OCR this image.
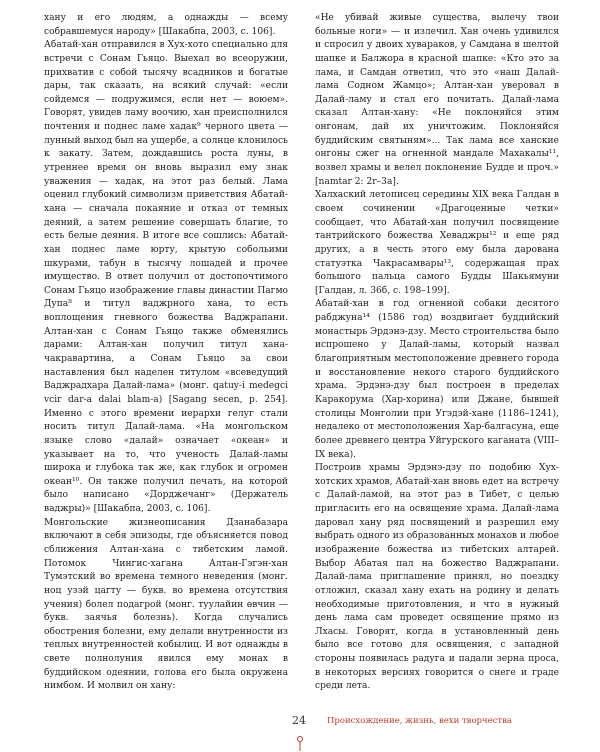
хану и его людям, а однажды — всему собравшемуся народу» [Шакабпа, 2003, с. 106].

Абатай-хан отправился в Хух-хото специально для встречи с Сонам Гьяцо. Выехал во всеоружии, прихватив с собой тысячу всадников и богатые дары, так сказать, на всякий случай: «если сойдемся — подружимся, если нет — воюем». Говорят, увидев ламу воочию, хан преисполнился почтения и поднес ламе хадак⁹ черного цвета — лунный выход был на ущербе, а солнце клонилось к закату. Затем, дождавшись роста луны, в утреннее время он вновь выразил ему знак уважения — хадак, на этот раз белый. Лама оценил глубокий символизм приветствия Абатай-хана — сначала покаяние и отказ от темных деяний, а затем решение совершать благие, то есть белые деяния. В итоге все сошлись: Абатай-хан поднес ламе юрту, крытую собольими шкурами, табун в тысячу лошадей и прочее имущество. В ответ получил от достопочтимого Сонам Гьяцо изображение главы династии Пагмо Дупа⁸ и титул ваджрного хана, то есть воплощения гневного божества Ваджрапани. Алтан-хан с Сонам Гьяцо также обменялись дарами: Алтан-хан получил титул хана-чакравартина, а Сонам Гьяцо за свои наставления был наделен титулом «всеведущий Ваджрадхара Далай-лама» (монг. qatuy-i medegci vcir dar-a dalai blam-a) [Sagang secen, p. 254]. Именно с этого времени иерархи гелуг стали носить титул Далай-лама. «На монгольском языке слово «далай» означает «океан» и указывает на то, что ученость Далай-ламы широка и глубока так же, как глубок и огромен океан¹⁰. Он также получил печать, на которой было написано «Дорджечанг» (Держатель ваджры)» [Шакабпа, 2003, с. 106].

Монгольские жизнеописания Дзанабазара включают в себя эпизоды, где объясняется повод сближения Алтан-хана с тибетским ламой. Потомок Чингис-хагана Алтан-Гэгэн-хан Тумэтский во времена темного неведения (монг. ноц узэй цагту — букв. во времена отсутствия учения) болел подагрой (монг. туулайин өвчин — букв. заячья болезнь). Когда случались обострения болезни, ему делали внутренности из теплых внутренностей кобылиц. И вот однажды в свете полнолуния явился ему монах в буддийском одеянии, голова его была окружена нимбом. И молвил он хану:

«Не убивай живые существа, вылечу твои больные ноги» — и излечил. Хан очень удивился и спросил у двоих хувараков, у Самдана в шелтой шапке и Балжора в красной шапке: «Кто это за лама, и Самдан ответил, что это «наш Далай-лама Содном Жамцо»; Алтан-хан уверовал в Далай-ламу и стал его почитать. Далай-лама сказал Алтан-хану: «Не поклоняйся этим онгонам, дай их уничтожим. Поклоняйся буддийским святыням»... Так лама все ханские онгоны сжег на огненной мандале Махакалы¹¹, возвел храмы и велел поклонение Будде и проч.» [namtar 2: 2r–3a].

Халхаский летописец середины XIX века Галдан в своем сочинении «Драгоценные четки» сообщает, что Абатай-хан получил посвящение тантрийского божества Хеваджры¹² и еще ряд других, а в честь этого ему была дарована статуэтка Чакрасамвары¹³, содержащая прах большого пальца самого Будды Шакьямуни [Галдан, л. 36б, с. 198–199].

Абатай-хан в год огненной собаки десятого рабджуна¹⁴ (1586 год) воздвигает буддийский монастырь Эрдэнэ-дзу. Место строительства было испрошено у Далай-ламы, который назвал благоприятным местоположение древнего города и восстановление некого старого буддийского храма. Эрдэнэ-дзу был построен в пределах Каракорума (Хар-хорина) или Джане, бывшей столицы Монголии при Угэдэй-хане (1186–1241), недалеко от местоположения Хар-балгасуна, еще более древнего центра Уйгурского каганата (VIII–IX века).

Построив храмы Эрдэнэ-дзу по подобию Хух-хотских храмов, Абатай-хан вновь едет на встречу с Далай-ламой, на этот раз в Тибет, с целью пригласить его на освящение храма. Далай-лама даровал хану ряд посвящений и разрешил ему выбрать одного из образованных монахов и любое изображение божества из тибетских алтарей. Выбор Абатая пал на божество Ваджрапани. Далай-лама приглашение принял, но поездку отложил, сказал хану ехать на родину и делать необходимые приготовления, и что в нужный день лама сам проведет освящение прямо из Лхасы. Говорят, когда в установленный день было все готово для освящения, с западной стороны появилась радуга и падали зерна проса, в некоторых версиях говорится о снеге и граде среди лета.

24 Происхождение, жизнь, вехи творчества
